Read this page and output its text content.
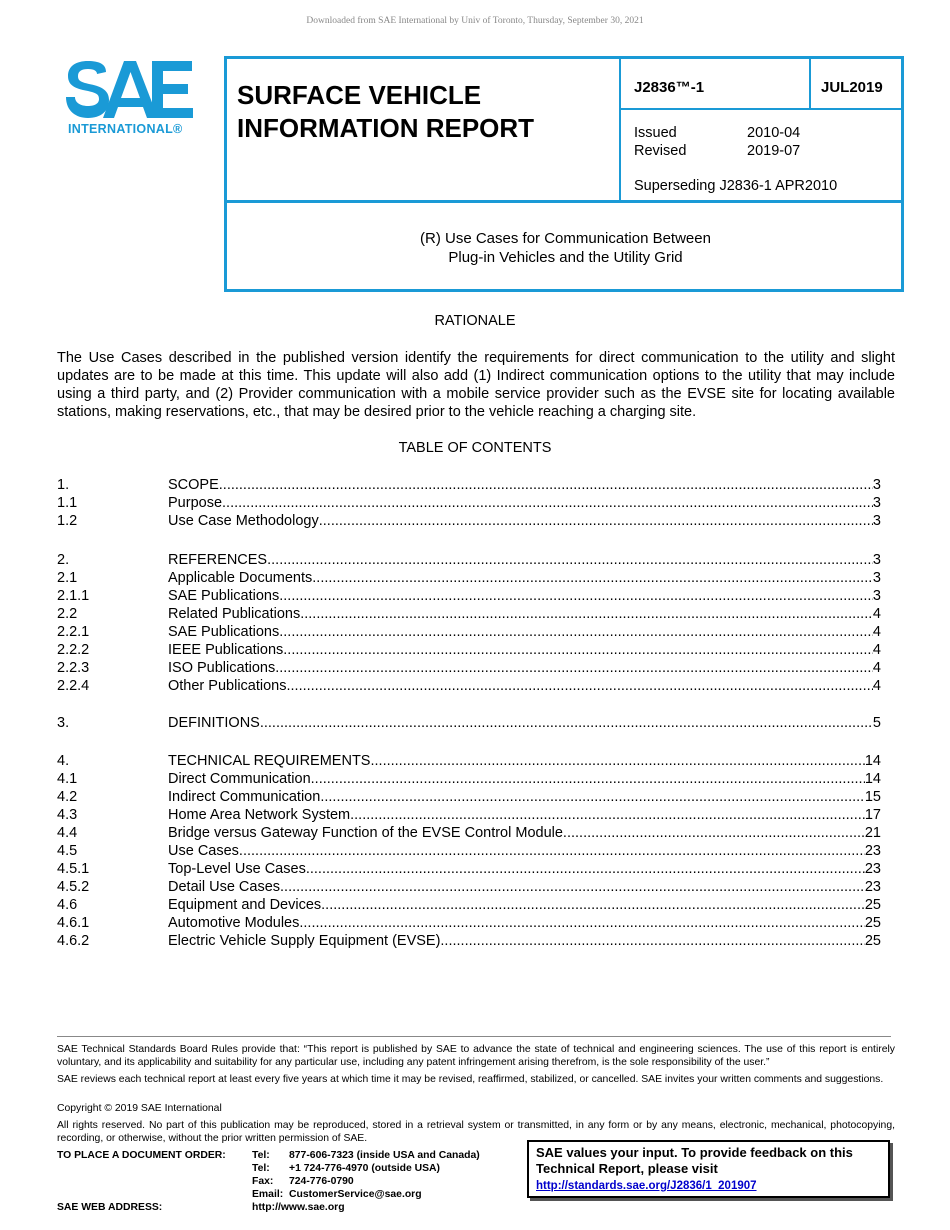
Downloaded from SAE International by Univ of Toronto, Thursday, September 30, 2021
INTERNATIONAL®
SURFACE VEHICLE
INFORMATION REPORT
J2836™-1	JUL2019
Issued	2010-04
Revised	2019-07
Superseding J2836-1 APR2010
(R) Use Cases for Communication Between
Plug-in Vehicles and the Utility Grid
RATIONALE
The Use Cases described in the published version identify the requirements for direct communication to the utility and slight updates are to be made at this time. This update will also add (1) Indirect communication options to the utility that may include using a third party, and (2) Provider communication with a mobile service provider such as the EVSE site for locating available stations, making reservations, etc., that may be desired prior to the vehicle reaching a charging site.
TABLE OF CONTENTS
1.	SCOPE .....	3
1.1	Purpose .....	3
1.2	Use Case Methodology .....	3
2.	REFERENCES .....	3
2.1	Applicable Documents .....	3
2.1.1	SAE Publications .....	3
2.2	Related Publications .....	4
2.2.1	SAE Publications .....	4
2.2.2	IEEE Publications .....	4
2.2.3	ISO Publications .....	4
2.2.4	Other Publications .....	4
3.	DEFINITIONS .....	5
4.	TECHNICAL REQUIREMENTS .....	14
4.1	Direct Communication .....	14
4.2	Indirect Communication .....	15
4.3	Home Area Network System .....	17
4.4	Bridge versus Gateway Function of the EVSE Control Module .....	21
4.5	Use Cases .....	23
4.5.1	Top-Level Use Cases .....	23
4.5.2	Detail Use Cases .....	23
4.6	Equipment and Devices .....	25
4.6.1	Automotive Modules .....	25
4.6.2	Electric Vehicle Supply Equipment (EVSE) .....	25
SAE Technical Standards Board Rules provide that: “This report is published by SAE to advance the state of technical and engineering sciences. The use of this report is entirely voluntary, and its applicability and suitability for any particular use, including any patent infringement arising therefrom, is the sole responsibility of the user.”
SAE reviews each technical report at least every five years at which time it may be revised, reaffirmed, stabilized, or cancelled. SAE invites your written comments and suggestions.
Copyright © 2019 SAE International
All rights reserved. No part of this publication may be reproduced, stored in a retrieval system or transmitted, in any form or by any means, electronic, mechanical, photocopying, recording, or otherwise, without the prior written permission of SAE.
TO PLACE A DOCUMENT ORDER:	Tel: 877-606-7323 (inside USA and Canada)
Tel: +1 724-776-4970 (outside USA)
Fax: 724-776-0790
Email: CustomerService@sae.org
SAE WEB ADDRESS:	http://www.sae.org
SAE values your input. To provide feedback on this
Technical Report, please visit
http://standards.sae.org/J2836/1_201907
